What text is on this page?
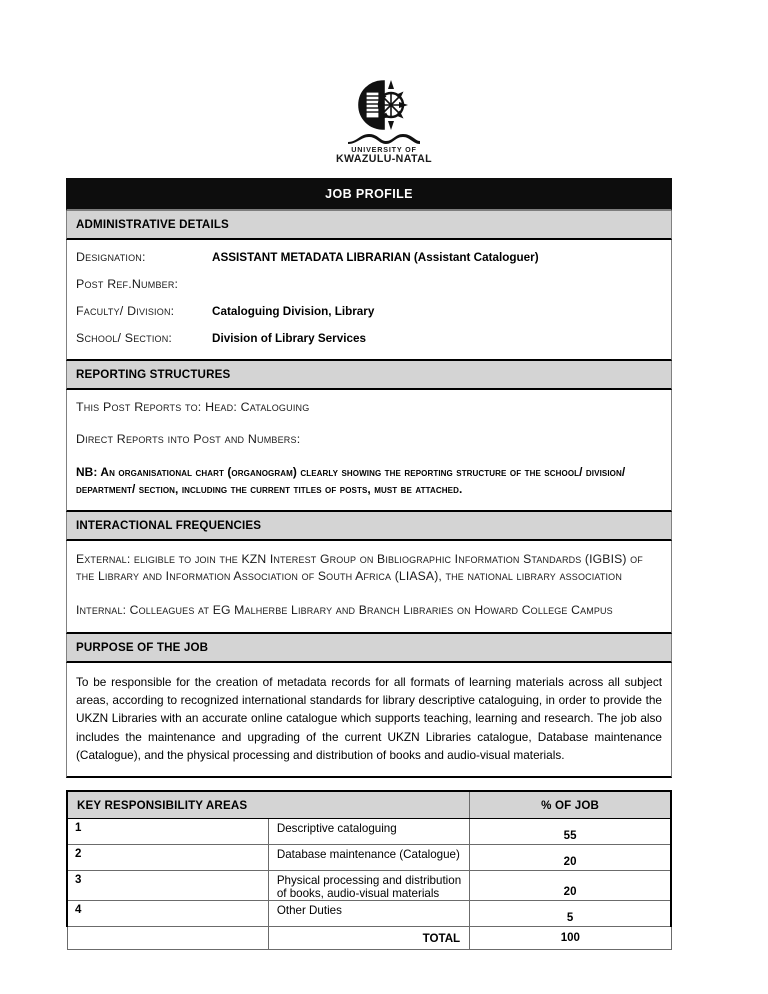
UNIVERSITY OF
KWAZULU-NATAL
JOB PROFILE
ADMINISTRATIVE DETAILS
Designation:	ASSISTANT METADATA LIBRARIAN (Assistant Cataloguer)
Post Ref.Number:
Faculty/ Division:	Cataloguing Division, Library
School/ Section:	Division of Library Services
REPORTING STRUCTURES
This Post Reports to: Head: Cataloguing
Direct Reports into Post and Numbers:
NB: An organisational chart (organogram) clearly showing the reporting structure of the school/ division/ department/ section, including the current titles of posts, must be attached.
INTERACTIONAL FREQUENCIES

External: eligible to join the KZN Interest Group on Bibliographic Information Standards (IGBIS) of the Library and Information Association of South Africa (LIASA), the national library association

Internal: Colleagues at EG Malherbe Library and Branch Libraries on Howard College Campus

PURPOSE OF THE JOB

To be responsible for the creation of metadata records for all formats of learning materials across all subject areas, according to recognized international standards for library descriptive cataloguing, in order to provide the UKZN Libraries with an accurate online catalogue which supports teaching, learning and research. The job also includes the maintenance and upgrading of the current UKZN Libraries catalogue, Database maintenance (Catalogue), and the physical processing and distribution of books and audio-visual materials.

KEY RESPONSIBILITY AREAS		% OF JOB
1	Descriptive cataloguing	55
2	Database maintenance (Catalogue)	20
3	Physical processing and distribution of books, audio-visual materials	20
4	Other Duties	5
	TOTAL	100
